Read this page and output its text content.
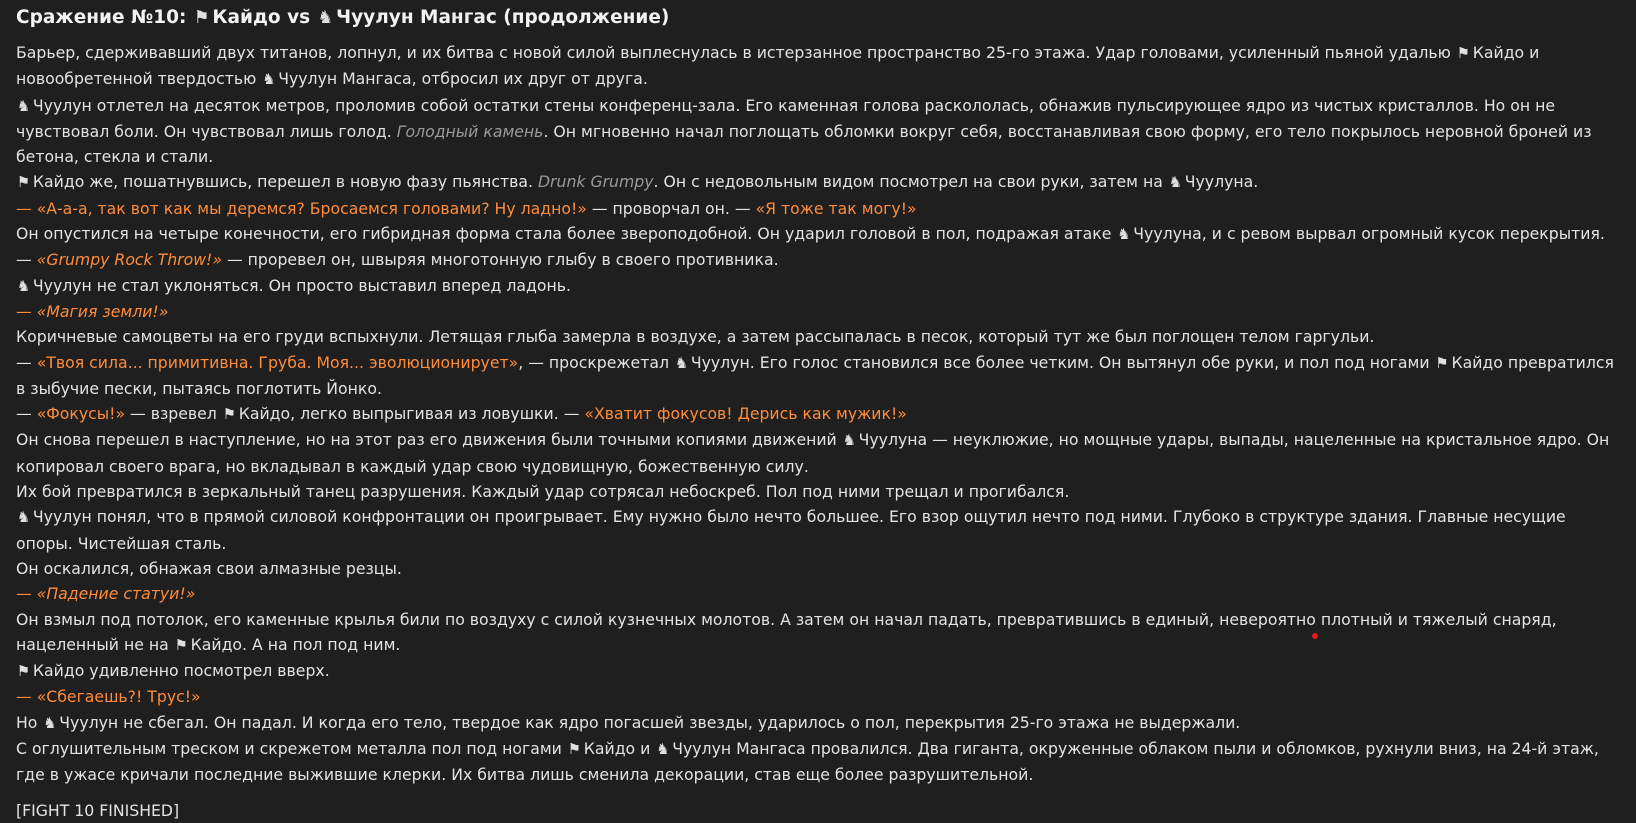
Сражение №10: ⚑ Кайдо vs ♞ Чуулун Мангас (продолжение)

Барьер, сдерживавший двух титанов, лопнул, и их битва с новой силой выплеснулась в истерзанное пространство 25-го этажа. Удар головами, усиленный пьяной удалью ⚑ Кайдо и новообретенной твердостью ♞ Чуулун Мангаса, отбросил их друг от друга.

♞ Чуулун отлетел на десяток метров, проломив собой остатки стены конференц-зала. Его каменная голова раскололась, обнажив пульсирующее ядро из чистых кристаллов. Но он не чувствовал боли. Он чувствовал лишь голод. Голодный камень. Он мгновенно начал поглощать обломки вокруг себя, восстанавливая свою форму, его тело покрылось неровной броней из бетона, стекла и стали.

⚑ Кайдо же, пошатнувшись, перешел в новую фазу пьянства. Drunk Grumpy. Он с недовольным видом посмотрел на свои руки, затем на ♞ Чуулуна.

— «А-а-а, так вот как мы деремся? Бросаемся головами? Ну ладно!» — проворчал он. — «Я тоже так могу!»

Он опустился на четыре конечности, его гибридная форма стала более звероподобной. Он ударил головой в пол, подражая атаке ♞ Чуулуна, и с ревом вырвал огромный кусок перекрытия.

— «Grumpy Rock Throw!» — проревел он, швыряя многотонную глыбу в своего противника.

♞ Чуулун не стал уклоняться. Он просто выставил вперед ладонь.

— «Магия земли!»

Коричневые самоцветы на его груди вспыхнули. Летящая глыба замерла в воздухе, а затем рассыпалась в песок, который тут же был поглощен телом гаргульи.

— «Твоя сила... примитивна. Груба. Моя... эволюционирует», — проскрежетал ♞ Чуулун. Его голос становился все более четким. Он вытянул обе руки, и пол под ногами ⚑ Кайдо превратился в зыбучие пески, пытаясь поглотить Йонко.

— «Фокусы!» — взревел ⚑ Кайдо, легко выпрыгивая из ловушки. — «Хватит фокусов! Дерись как мужик!»

Он снова перешел в наступление, но на этот раз его движения были точными копиями движений ♞ Чуулуна — неуклюжие, но мощные удары, выпады, нацеленные на кристальное ядро. Он копировал своего врага, но вкладывал в каждый удар свою чудовищную, божественную силу.

Их бой превратился в зеркальный танец разрушения. Каждый удар сотрясал небоскреб. Пол под ними трещал и прогибался.

♞ Чуулун понял, что в прямой силовой конфронтации он проигрывает. Ему нужно было нечто большее. Его взор ощутил нечто под ними. Глубоко в структуре здания. Главные несущие опоры. Чистейшая сталь.

Он оскалился, обнажая свои алмазные резцы.

— «Падение статуи!»

Он взмыл под потолок, его каменные крылья били по воздуху с силой кузнечных молотов. А затем он начал падать, превратившись в единый, невероятно плотный и тяжелый снаряд, нацеленный не на ⚑ Кайдо. А на пол под ним.

⚑ Кайдо удивленно посмотрел вверх.

— «Сбегаешь?! Трус!»

Но ♞ Чуулун не сбегал. Он падал. И когда его тело, твердое как ядро погасшей звезды, ударилось о пол, перекрытия 25-го этажа не выдержали.

С оглушительным треском и скрежетом металла пол под ногами ⚑ Кайдо и ♞ Чуулун Мангаса провалился. Два гиганта, окруженные облаком пыли и обломков, рухнули вниз, на 24-й этаж, где в ужасе кричали последние выжившие клерки. Их битва лишь сменила декорации, став еще более разрушительной.

[FIGHT 10 FINISHED]
